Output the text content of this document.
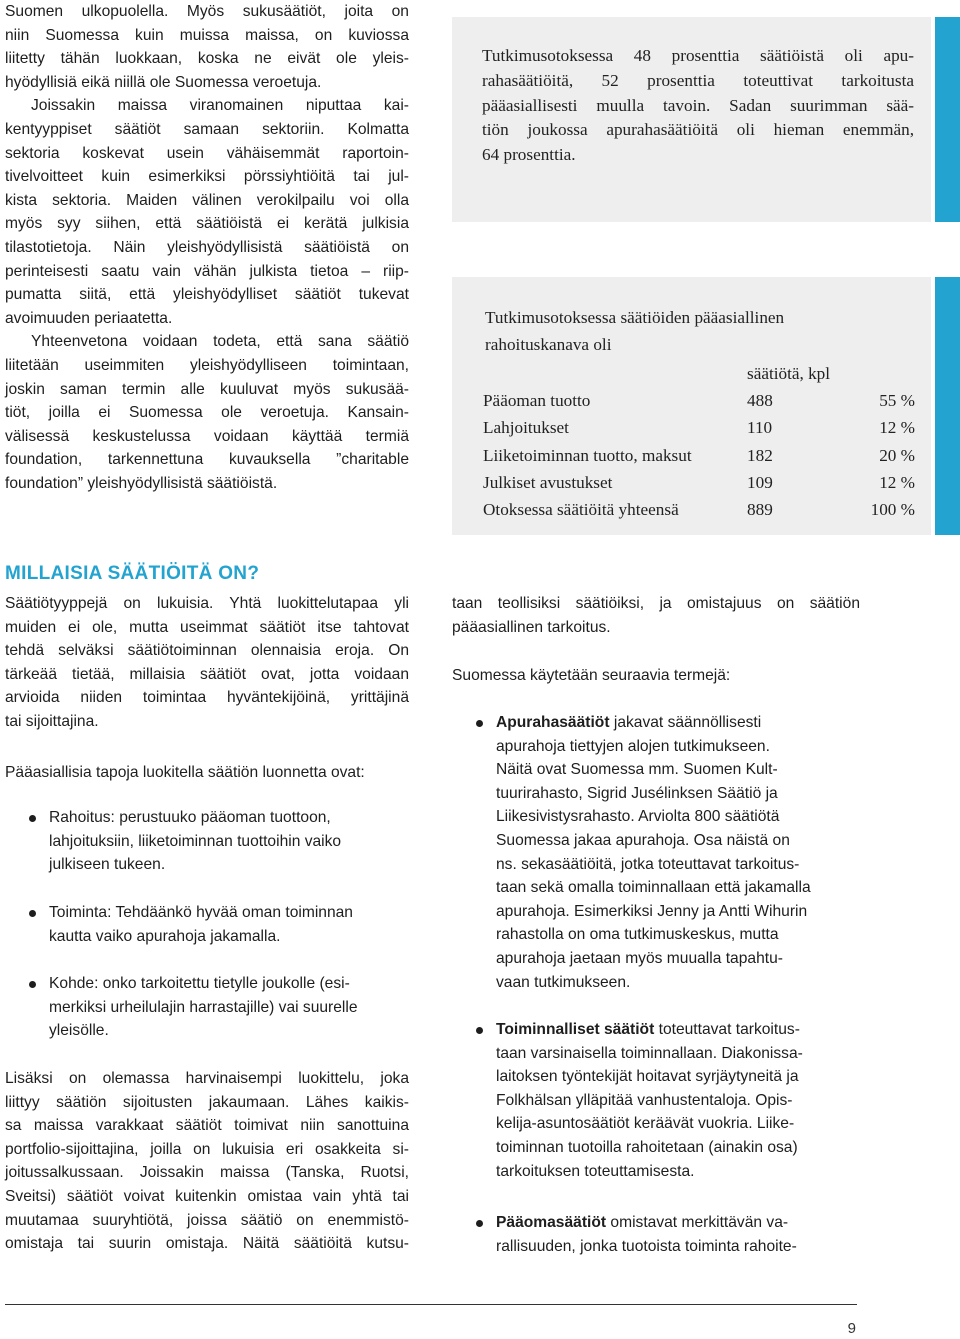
Suomen ulkopuolella. Myös sukusäätiöt, joita on
niin Suomessa kuin muissa maissa, on kuviossa
liitetty tähän luokkaan, koska ne eivät ole yleis-
hyödyllisiä eikä niillä ole Suomessa veroetuja.
Joissakin maissa viranomainen niputtaa kai-
kentyyppiset säätiöt samaan sektoriin. Kolmatta
sektoria koskevat usein vähäisemmät raportoin-
tivelvoitteet kuin esimerkiksi pörssiyhtiöitä tai jul-
kista sektoria. Maiden välinen verokilpailu voi olla
myös syy siihen, että säätiöistä ei kerätä julkisia
tilastotietoja. Näin yleishyödyllisistä säätiöistä on
perinteisesti saatu vain vähän julkista tietoa – riip-
pumatta siitä, että yleishyödylliset säätiöt tukevat
avoimuuden periaatetta.
Yhteenvetona voidaan todeta, että sana säätiö
liitetään useimmiten yleishyödylliseen toimintaan,
joskin saman termin alle kuuluvat myös sukusää-
tiöt, joilla ei Suomessa ole veroetuja. Kansain-
välisessä keskustelussa voidaan käyttää termiä
foundation, tarkennettuna kuvauksella ”charitable
foundation” yleishyödyllisistä säätiöistä.
Tutkimusotoksessa 48 prosenttia säätiöistä oli apu-
rahasäätiöitä, 52 prosenttia toteuttivat tarkoitusta
pääasiallisesti muulla tavoin. Sadan suurimman sää-
tiön joukossa apurahasäätiöitä oli hieman enemmän,
64 prosenttia.
Tutkimusotoksessa säätiöiden pääasiallinen
rahoituskanava oli
säätiötä, kpl
Pääoman tuotto	488	55 %
Lahjoitukset	110	12 %
Liiketoiminnan tuotto, maksut	182	20 %
Julkiset avustukset	109	12 %
Otoksessa säätiöitä yhteensä	889	100 %
MILLAISIA SÄÄTIÖITÄ ON?
Säätiötyyppejä on lukuisia. Yhtä luokittelutapaa yli
muiden ei ole, mutta useimmat säätiöt itse tahtovat
tehdä selväksi säätiötoiminnan olennaisia eroja. On
tärkeää tietää, millaisia säätiöt ovat, jotta voidaan
arvioida niiden toimintaa hyväntekijöinä, yrittäjinä
tai sijoittajina.
Pääasiallisia tapoja luokitella säätiön luonnetta ovat:
Rahoitus: perustuuko pääoman tuottoon,
lahjoituksiin, liiketoiminnan tuottoihin vaiko
julkiseen tukeen.
Toiminta: Tehdäänkö hyvää oman toiminnan
kautta vaiko apurahoja jakamalla.
Kohde: onko tarkoitettu tietylle joukolle (esi-
merkiksi urheilulajin harrastajille) vai suurelle
yleisölle.
Lisäksi on olemassa harvinaisempi luokittelu, joka
liittyy säätiön sijoitusten jakaumaan. Lähes kaikis-
sa maissa varakkaat säätiöt toimivat niin sanottuina
portfolio-sijoittajina, joilla on lukuisia eri osakkeita si-
joitussalkussaan. Joissakin maissa (Tanska, Ruotsi,
Sveitsi) säätiöt voivat kuitenkin omistaa vain yhtä tai
muutamaa suuryhtiötä, joissa säätiö on enemmistö-
omistaja tai suurin omistaja. Näitä säätiöitä kutsu-
taan teollisiksi säätiöiksi, ja omistajuus on säätiön
pääasiallinen tarkoitus.
Suomessa käytetään seuraavia termejä:
Apurahasäätiöt jakavat säännöllisesti
apurahoja tiettyjen alojen tutkimukseen.
Näitä ovat Suomessa mm. Suomen Kult-
tuurirahasto, Sigrid Jusélinksen Säätiö ja
Liikesivistysrahasto. Arviolta 800 säätiötä
Suomessa jakaa apurahoja. Osa näistä on
ns. sekasäätiöitä, jotka toteuttavat tarkoitus-
taan sekä omalla toiminnallaan että jakamalla
apurahoja. Esimerkiksi Jenny ja Antti Wihurin
rahastolla on oma tutkimuskeskus, mutta
apurahoja jaetaan myös muualla tapahtu-
vaan tutkimukseen.
Toiminnalliset säätiöt toteuttavat tarkoitus-
taan varsinaisella toiminnallaan. Diakonissa-
laitoksen työntekijät hoitavat syrjäytyneitä ja
Folkhälsan ylläpitää vanhustentaloja. Opis-
kelija-asuntosäätiöt keräävät vuokria. Liike-
toiminnan tuotoilla rahoitetaan (ainakin osa)
tarkoituksen toteuttamisesta.
Pääomasäätiöt omistavat merkittävän va-
rallisuuden, jonka tuotoista toiminta rahoite-
9
